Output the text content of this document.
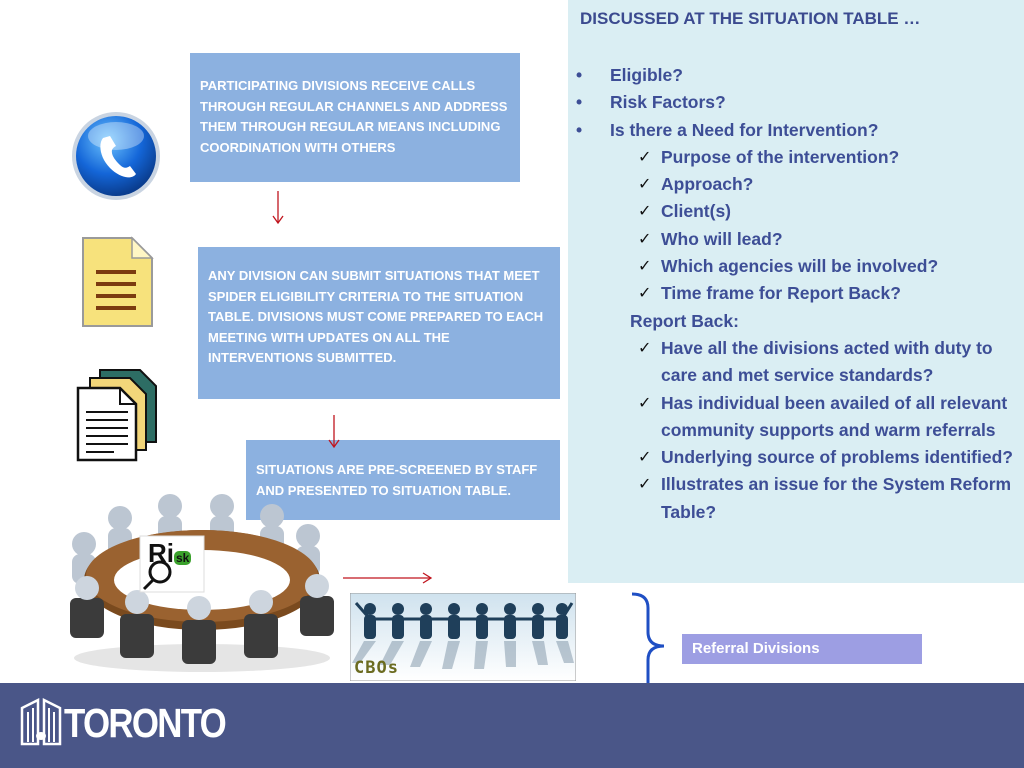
DISCUSSED AT THE SITUATION TABLE …
•	Eligible?
•	Risk Factors?
•	Is there a Need for Intervention?
✓ Purpose of the intervention?
✓ Approach?
✓ Client(s)
✓ Who will lead?
✓ Which agencies will be involved?
✓ Time frame for Report Back?
Report Back:
✓ Have all the divisions acted with duty to care and met service standards?
✓ Has individual been availed of all relevant community supports and warm referrals
✓ Underlying source of problems identified?
✓ Illustrates an issue for the System Reform Table?
PARTICIPATING DIVISIONS RECEIVE CALLS THROUGH REGULAR CHANNELS AND ADDRESS THEM THROUGH REGULAR MEANS INCLUDING COORDINATION WITH OTHERS
ANY DIVISION CAN SUBMIT SITUATIONS THAT MEET SPIDER ELIGIBILITY CRITERIA TO THE SITUATION TABLE. DIVISIONS MUST COME PREPARED TO EACH MEETING WITH UPDATES ON ALL THE INTERVENTIONS SUBMITTED.
SITUATIONS ARE PRE-SCREENED BY STAFF AND PRESENTED TO SITUATION TABLE.
Ri sk
CBOs
Referral Divisions
TORONTO
